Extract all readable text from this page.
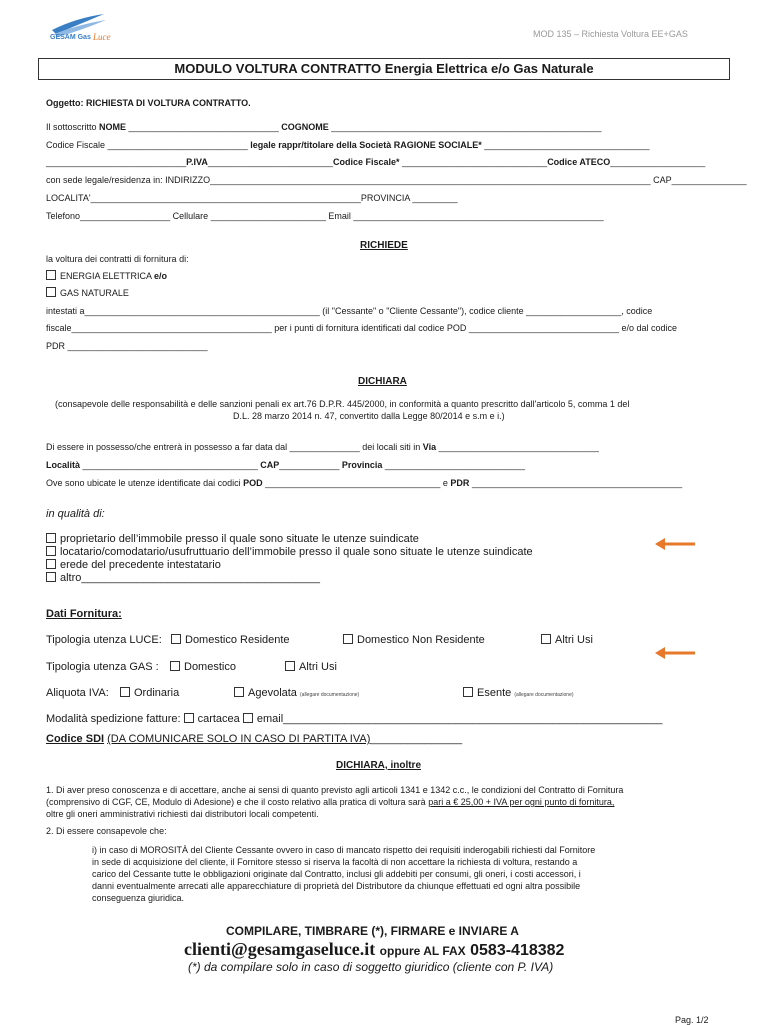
GESAM Gas Luce	MOD 135 – Richiesta Voltura EE+GAS
MODULO VOLTURA CONTRATTO Energia Elettrica e/o Gas Naturale
Oggetto: RICHIESTA DI VOLTURA CONTRATTO.
Il sottoscritto NOME ______________________________ COGNOME ______________________________________________________
Codice Fiscale ____________________________ legale rappr/titolare della Società RAGIONE SOCIALE* _________________________________
____________________________P.IVA_________________________Codice Fiscale* _____________________________Codice ATECO___________________
con sede legale/residenza in: INDIRIZZO________________________________________________________________________________________ CAP_______________
LOCALITA'______________________________________________________PROVINCIA _________
Telefono__________________ Cellulare _______________________ Email __________________________________________________
RICHIEDE
la voltura dei contratti di fornitura di:
ENERGIA ELETTRICA e/o
GAS NATURALE
intestati a_______________________________________________ (il "Cessante" o "Cliente Cessante"), codice cliente ___________________, codice
fiscale________________________________________ per i punti di fornitura identificati dal codice POD ______________________________ e/o dal codice
PDR ____________________________
DICHIARA
(consapevole delle responsabilità e delle sanzioni penali ex art.76 D.P.R. 445/2000, in conformità a quanto prescritto dall'articolo 5, comma 1 del
D.L. 28 marzo 2014 n. 47, convertito dalla Legge 80/2014 e s.m e i.)
Di essere in possesso/che entrerà in possesso a far data dal ______________ dei locali siti in Via ________________________________
Località ___________________________________ CAP____________ Provincia ____________________________
Ove sono ubicate le utenze identificate dai codici POD ___________________________________ e PDR __________________________________________
in qualità di:
proprietario dell’immobile presso il quale sono situate le utenze suindicate
locatario/comodatario/usufruttuario dell’immobile presso il quale sono situate le utenze suindicate
erede del precedente intestatario
altro_______________________________________
Dati Fornitura:
Tipologia utenza LUCE:	Domestico Residente	Domestico Non Residente	Altri Usi
Tipologia utenza GAS :	Domestico	Altri Usi
Aliquota IVA:	Ordinaria	Agevolata (allegare documentazione)	Esente (allegare documentazione)
Modalità spedizione fatture: cartacea email______________________________________________________________
Codice SDI (DA COMUNICARE SOLO IN CASO DI PARTITA IVA)_______________
DICHIARA, inoltre
1. Di aver preso conoscenza e di accettare, anche ai sensi di quanto previsto agli articoli 1341 e 1342 c.c., le condizioni del Contratto di Fornitura
(comprensivo di CGF, CE, Modulo di Adesione) e che il costo relativo alla pratica di voltura sarà pari a € 25,00 + IVA per ogni punto di fornitura,
oltre gli oneri amministrativi richiesti dai distributori locali competenti.
2. Di essere consapevole che:
i) in caso di MOROSITÀ del Cliente Cessante ovvero in caso di mancato rispetto dei requisiti inderogabili richiesti dal Fornitore
in sede di acquisizione del cliente, il Fornitore stesso si riserva la facoltà di non accettare la richiesta di voltura, restando a
carico del Cessante tutte le obbligazioni originate dal Contratto, inclusi gli addebiti per consumi, gli oneri, i costi accessori, i
danni eventualmente arrecati alle apparecchiature di proprietà del Distributore da chiunque effettuati ed ogni altra possibile
conseguenza giuridica.
COMPILARE, TIMBRARE (*), FIRMARE e INVIARE A
clienti@gesamgaseluce.it oppure AL FAX 0583-418382
(*) da compilare solo in caso di soggetto giuridico (cliente con P. IVA)
Pag. 1/2
